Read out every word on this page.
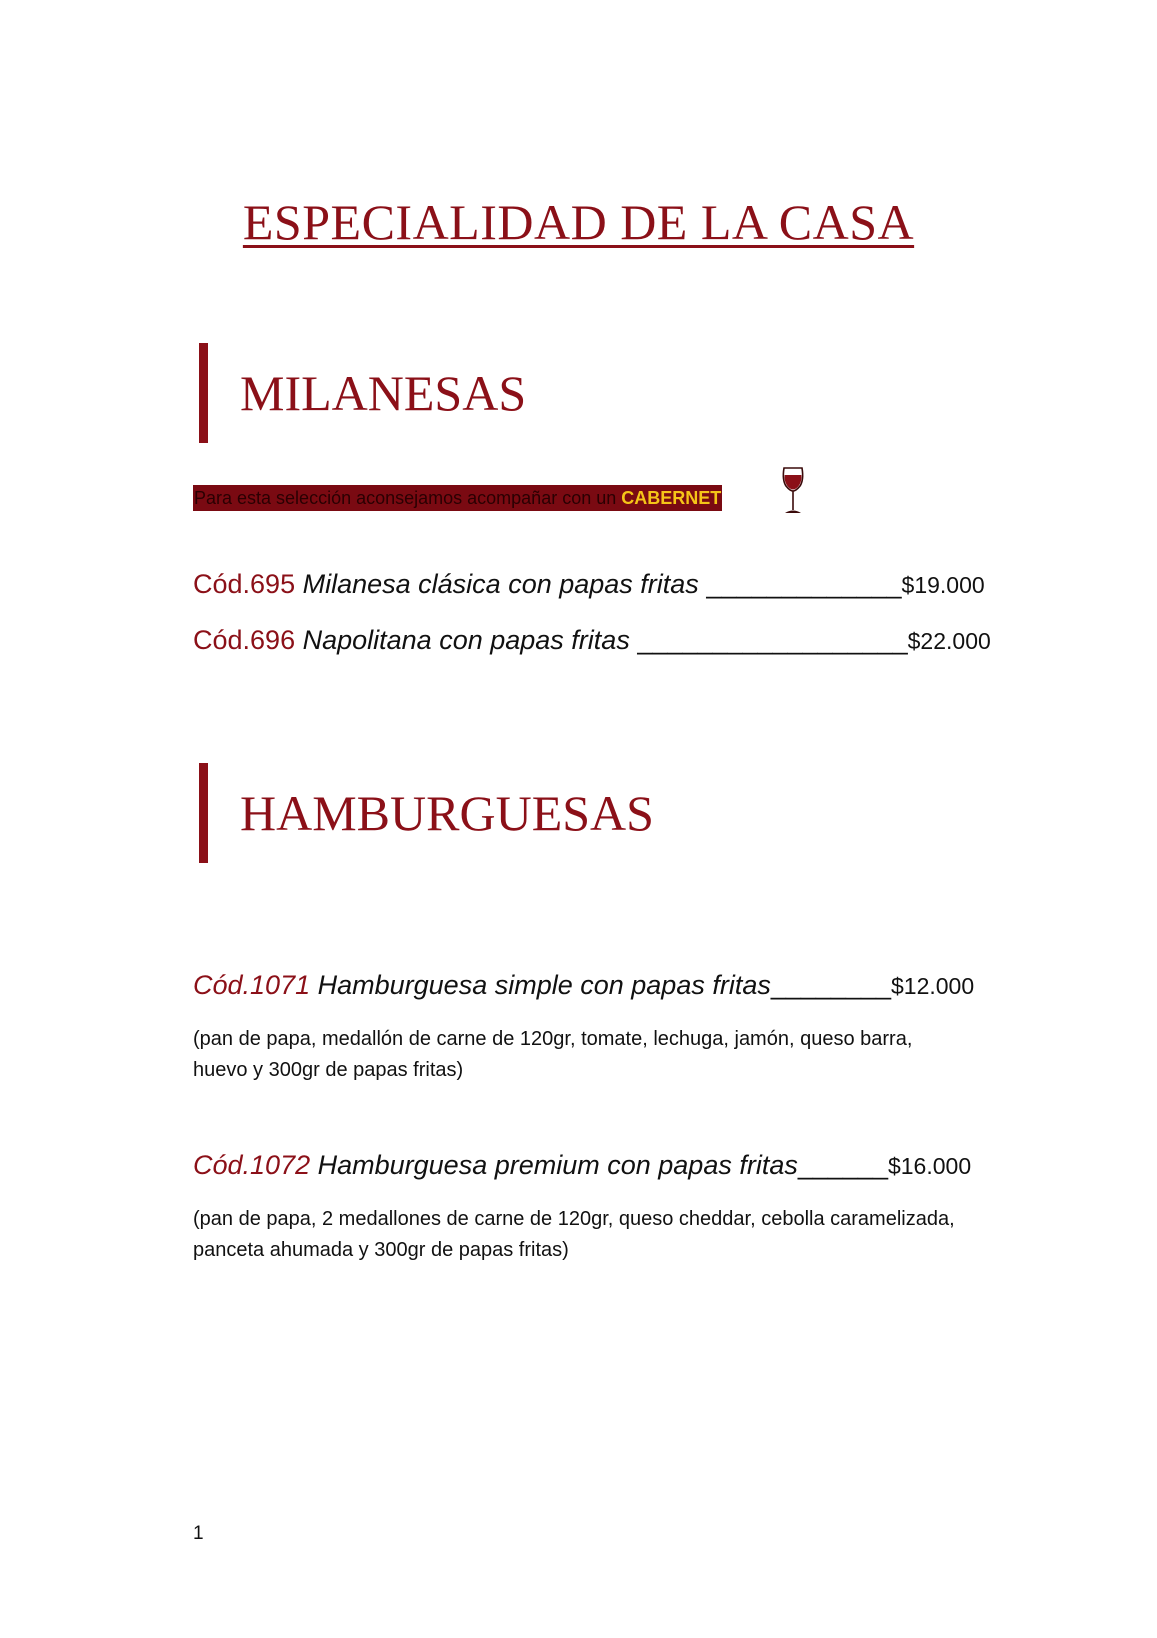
ESPECIALIDAD DE LA CASA
MILANESAS
Para esta selección aconsejamos acompañar con un CABERNET
Cód.695 Milanesa clásica con papas fritas _____________$19.000
Cód.696 Napolitana con papas fritas __________________$22.000
HAMBURGUESAS
Cód.1071 Hamburguesa simple con papas fritas________$12.000

(pan de papa, medallón de carne de 120gr, tomate, lechuga, jamón, queso barra,
huevo y 300gr de papas fritas)

Cód.1072 Hamburguesa premium con papas fritas______$16.000

(pan de papa, 2 medallones de carne de 120gr, queso cheddar, cebolla caramelizada,
panceta ahumada y 300gr de papas fritas)

1
